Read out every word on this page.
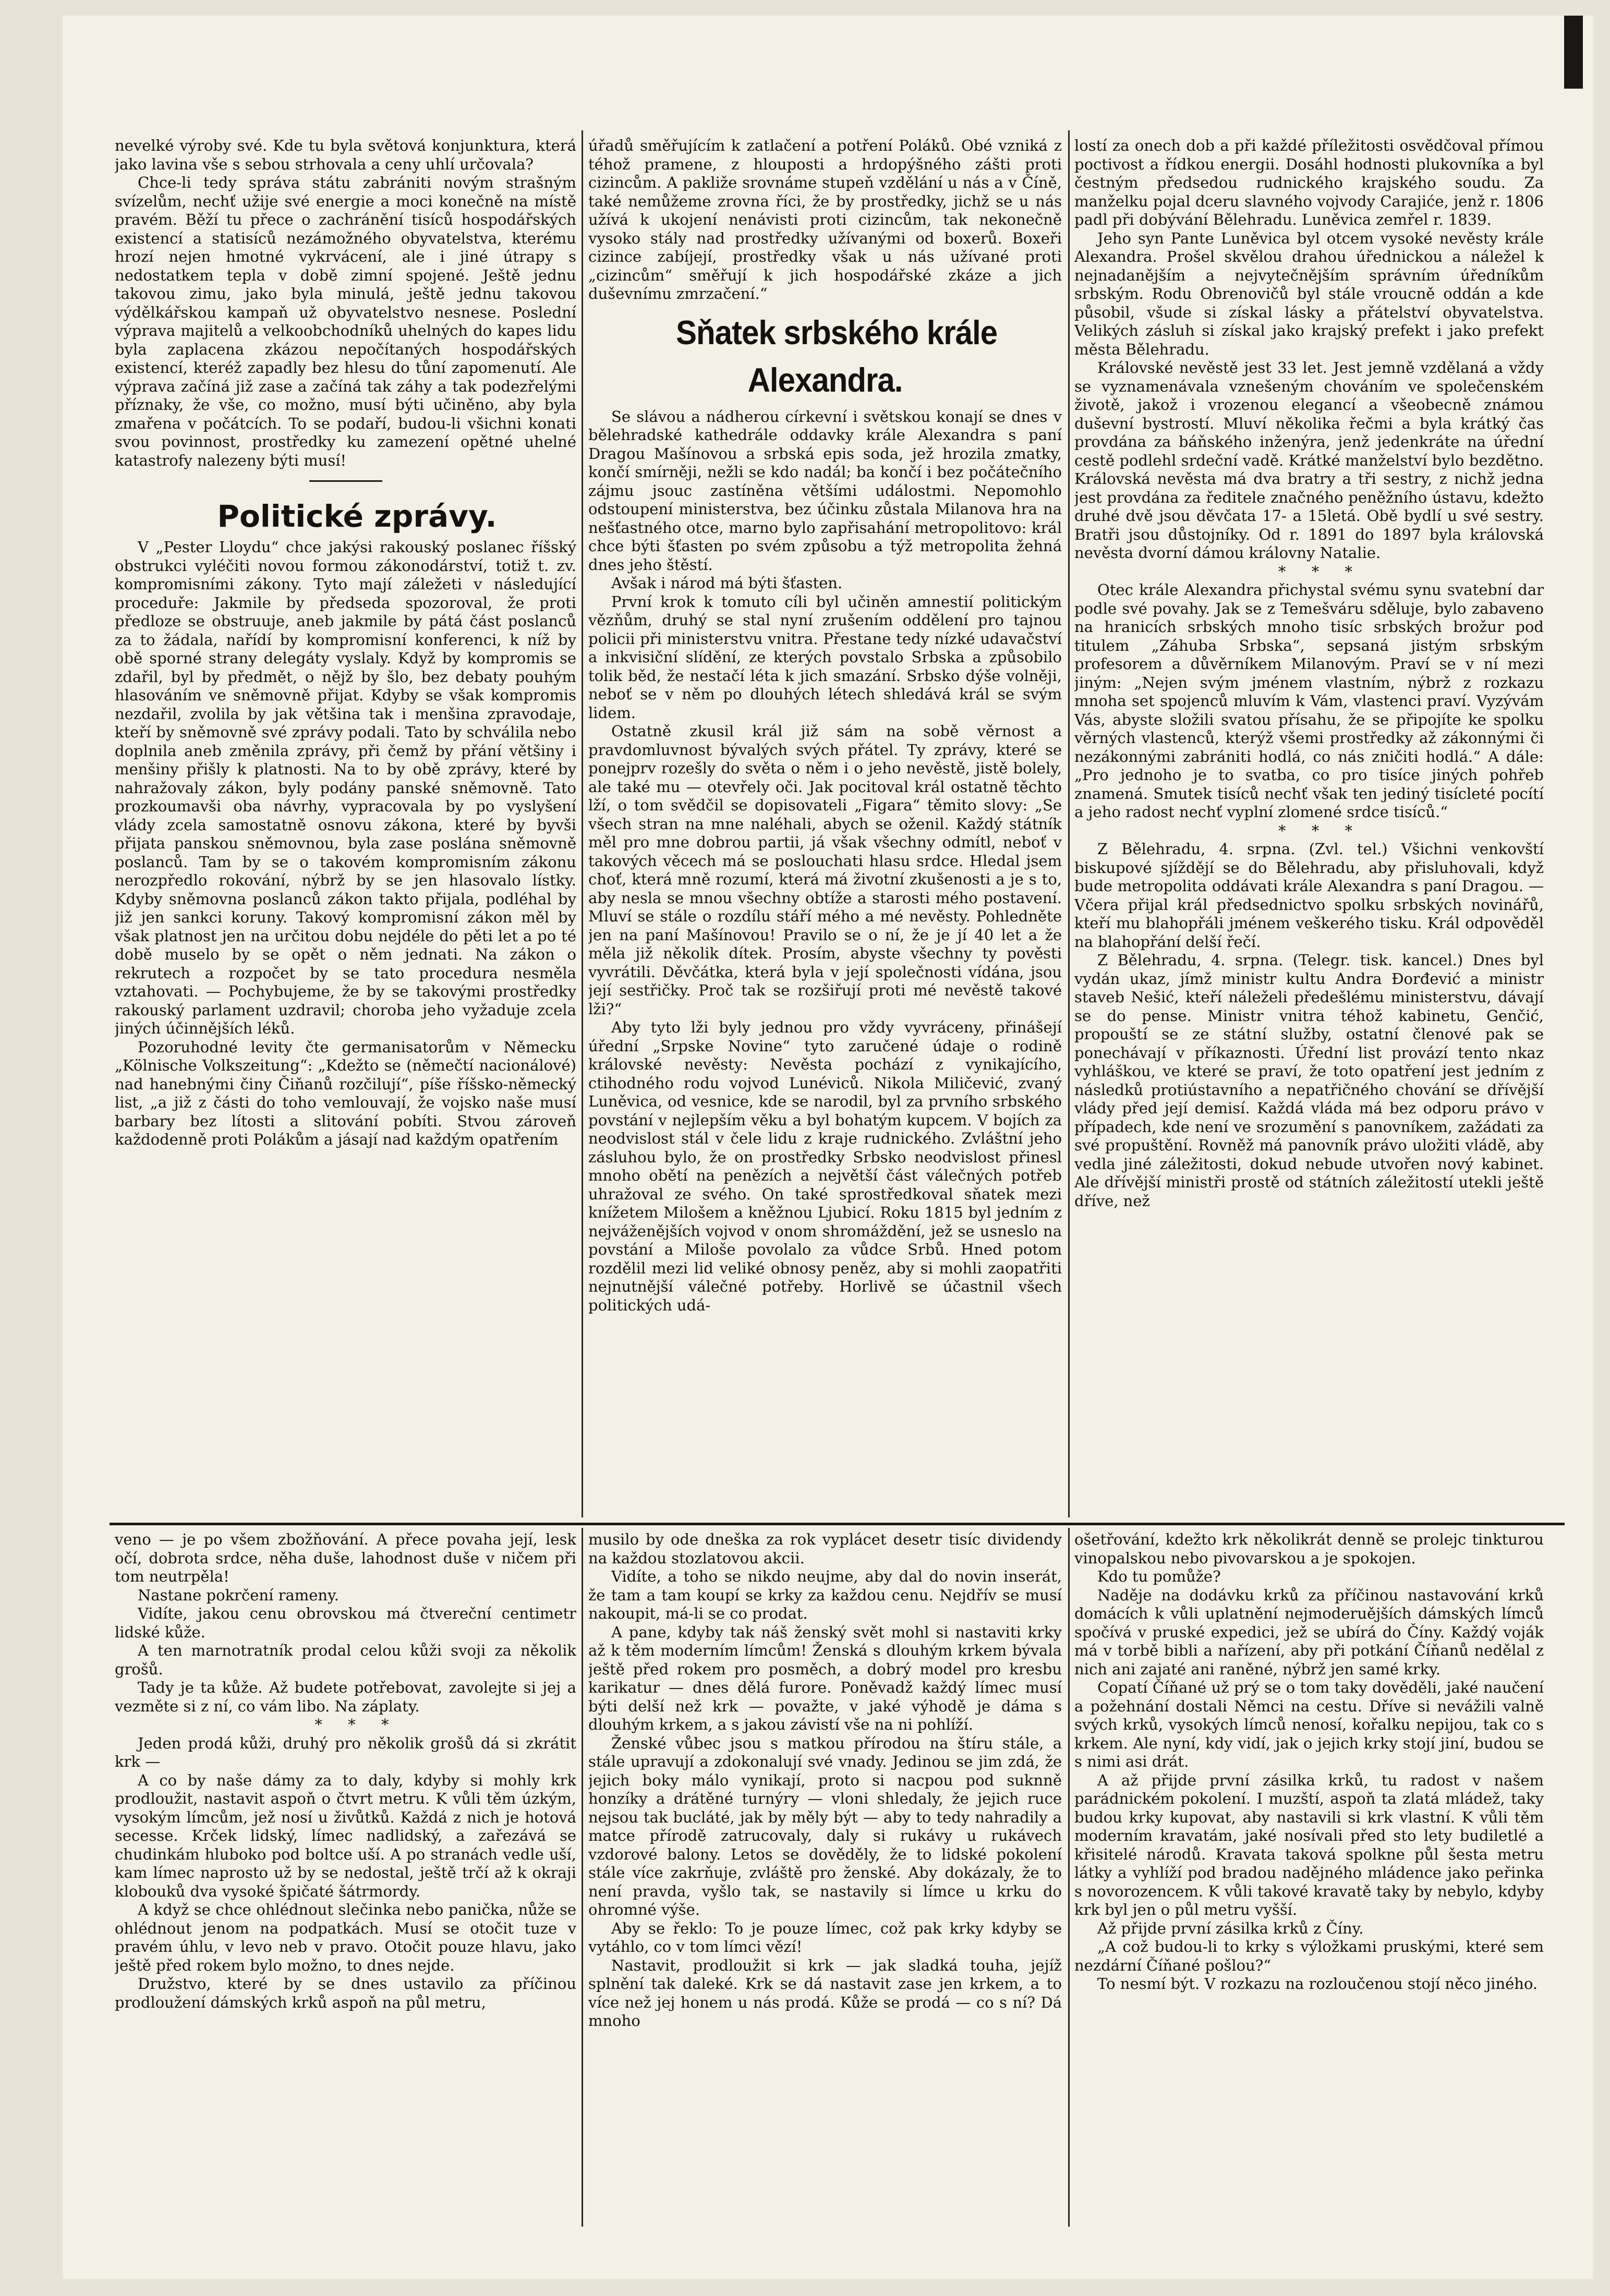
nevelké výroby své. Kde tu byla světová konjunktura, která jako lavina vše s sebou strhovala a ceny uhlí určovala?

Chce-li tedy správa státu zabrániti novým strašným svízelům, nechť užije své energie a moci konečně na místě pravém. Běží tu přece o zachránění tisíců hospodářských existencí a statisíců nezámožného obyvatelstva, kterému hrozí nejen hmotné vykrvácení, ale i jiné útrapy s nedostatkem tepla v době zimní spojené. Ještě jednu takovou zimu, jako byla minulá, ještě jednu takovou výdělkářskou kampaň už obyvatelstvo nesnese. Poslední výprava majitelů a velkoobchodníků uhelných do kapes lidu byla zaplacena zkázou nepočítaných hospodářských existencí, kteréž zapadly bez hlesu do tůní zapomenutí. Ale výprava začíná již zase a začíná tak záhy a tak podezřelými příznaky, že vše, co možno, musí býti učiněno, aby byla zmařena v počátcích. To se podaří, budou-li všichni konati svou povinnost, prostředky ku zamezení opětné uhelné katastrofy nalezeny býti musí!

Politické zprávy.

V „Pester Lloydu“ chce jakýsi rakouský poslanec říšský obstrukci vyléčiti novou formou zákonodárství, totiž t. zv. kompromisními zákony. Tyto mají záležeti v následující proceduře: Jakmile by předseda spozoroval, že proti předloze se obstruuje, aneb jakmile by pátá část poslanců za to žádala, nařídí by kompromisní konferenci, k níž by obě sporné strany delegáty vyslaly. Když by kompromis se zdařil, byl by předmět, o nějž by šlo, bez debaty pouhým hlasováním ve sněmovně přijat. Kdyby se však kompromis nezdařil, zvolila by jak většina tak i menšina zpravodaje, kteří by sněmovně své zprávy podali. Tato by schválila nebo doplnila aneb změnila zprávy, při čemž by přání většiny i menšiny přišly k platnosti. Na to by obě zprávy, které by nahražovaly zákon, byly podány panské sněmovně. Tato prozkoumavši oba návrhy, vypracovala by po vyslyšení vlády zcela samostatně osnovu zákona, které by byvši přijata panskou sněmovnou, byla zase poslána sněmovně poslanců. Tam by se o takovém kompromisním zákonu nerozpředlo rokování, nýbrž by se jen hlasovalo lístky. Kdyby sněmovna poslanců zákon takto přijala, podléhal by již jen sankci koruny. Takový kompromisní zákon měl by však platnost jen na určitou dobu nejdéle do pěti let a po té době muselo by se opět o něm jednati. Na zákon o rekrutech a rozpočet by se tato procedura nesměla vztahovati. — Pochybujeme, že by se takovými prostředky rakouský parlament uzdravil; choroba jeho vyžaduje zcela jiných účinnějších léků.

Pozoruhodné levity čte germanisatorům v Německu „Kölnische Volkszeitung“: „Kdežto se (němečtí nacionálové) nad hanebnými činy Čiňanů rozčilují“, píše říšsko-německý list, „a již z části do toho vemlouvají, že vojsko naše musí barbary bez lítosti a slitování pobíti. Stvou zároveň každodenně proti Polákům a jásají nad každým opatřením

úřadů směřujícím k zatlačení a potření Poláků. Obé vzniká z téhož pramene, z hlouposti a hrdopýšného zášti proti cizincům. A pakliže srovnáme stupeň vzdělání u nás a v Číně, také nemůžeme zrovna říci, že by prostředky, jichž se u nás užívá k ukojení nenávisti proti cizincům, tak nekonečně vysoko stály nad prostředky užívanými od boxerů. Boxeři cizince zabíjejí, prostředky však u nás užívané proti „cizincům“ směřují k jich hospodářské zkáze a jich duševnímu zmrzačení.“

Sňatek srbského krále Alexandra.

Se slávou a nádherou církevní i světskou konají se dnes v bělehradské kathedrále oddavky krále Alexandra s paní Dragou Mašínovou a srbská epis soda, jež hrozila zmatky, končí smírněji, nežli se kdo nadál; ba končí i bez počátečního zájmu jsouc zastíněna většími událostmi. Nepomohlo odstoupení ministerstva, bez účinku zůstala Milanova hra na nešťastného otce, marno bylo zapřisahání metropolitovo: král chce býti šťasten po svém způsobu a týž metropolita žehná dnes jeho štěstí.

Avšak i národ má býti šťasten.

První krok k tomuto cíli byl učiněn amnestií politickým vězňům, druhý se stal nyní zrušením oddělení pro tajnou policii při ministerstvu vnitra. Přestane tedy nízké udavačství a inkvisiční slídění, ze kterých povstalo Srbska a způsobilo tolik běd, že nestačí léta k jich smazání. Srbsko dýše volněji, neboť se v něm po dlouhých létech shledává král se svým lidem.

Ostatně zkusil král již sám na sobě věrnost a pravdomluvnost bývalých svých přátel. Ty zprávy, které se ponejprv rozešly do světa o něm i o jeho nevěstě, jistě bolely, ale také mu — otevřely oči. Jak pocitoval král ostatně těchto lží, o tom svědčil se dopisovateli „Figara“ těmito slovy: „Se všech stran na mne naléhali, abych se oženil. Každý státník měl pro mne dobrou partii, já však všechny odmítl, neboť v takových věcech má se poslouchati hlasu srdce. Hledal jsem choť, která mně rozumí, která má životní zkušenosti a je s to, aby nesla se mnou všechny obtíže a starosti mého postavení. Mluví se stále o rozdílu stáří mého a mé nevěsty. Pohledněte jen na paní Mašínovou! Pravilo se o ní, že je jí 40 let a že měla již několik dítek. Prosím, abyste všechny ty pověsti vyvrátili. Děvčátka, která byla v její společnosti vídána, jsou její sestřičky. Proč tak se rozšiřují proti mé nevěstě takové lži?“

Aby tyto lži byly jednou pro vždy vyvráceny, přinášejí úřední „Srpske Novine“ tyto zaručené údaje o rodině královské nevěsty: Nevěsta pochází z vynikajícího, ctihodného rodu vojvod Lunéviců. Nikola Miličević, zvaný Luněvica, od vesnice, kde se narodil, byl za prvního srbského povstání v nejlepším věku a byl bohatým kupcem. V bojích za neodvislost stál v čele lidu z kraje rudnického. Zvláštní jeho zásluhou bylo, že on prostředky Srbsko neodvislost přinesl mnoho obětí na penězích a největší část válečných potřeb uhražoval ze svého. On také sprostředkoval sňatek mezi knížetem Milošem a kněžnou Ljubicí. Roku 1815 byl jedním z nejváženějších vojvod v onom shromáždění, jež se usneslo na povstání a Miloše povolalo za vůdce Srbů. Hned potom rozdělil mezi lid veliké obnosy peněz, aby si mohli zaopatřiti nejnutnější válečné potřeby. Horlivě se účastnil všech politických udá-

lostí za onech dob a při každé příležitosti osvědčoval přímou poctivost a řídkou energii. Dosáhl hodnosti plukovníka a byl čestným předsedou rudnického krajského soudu. Za manželku pojal dceru slavného vojvody Carajiće, jenž r. 1806 padl při dobývání Bělehradu. Luněvica zemřel r. 1839.

Jeho syn Pante Luněvica byl otcem vysoké nevěsty krále Alexandra. Prošel skvělou drahou úřednickou a náležel k nejnadanějším a nejvytečnějším správním úředníkům srbským. Rodu Obrenovičů byl stále vroucně oddán a kde působil, všude si získal lásky a přátelství obyvatelstva. Velikých zásluh si získal jako krajský prefekt i jako prefekt města Bělehradu.

Královské nevěstě jest 33 let. Jest jemně vzdělaná a vždy se vyznamenávala vznešeným chováním ve společenském životě, jakož i vrozenou elegancí a všeobecně známou duševní bystrostí. Mluví několika řečmi a byla krátký čas provdána za báňského inženýra, jenž jedenkráte na úřední cestě podlehl srdeční vadě. Krátké manželství bylo bezdětno. Královská nevěsta má dva bratry a tři sestry, z nichž jedna jest provdána za ředitele značného peněžního ústavu, kdežto druhé dvě jsou děvčata 17- a 15letá. Obě bydlí u své sestry. Bratři jsou důstojníky. Od r. 1891 do 1897 byla královská nevěsta dvorní dámou královny Natalie.

* * *

Otec krále Alexandra přichystal svému synu svatební dar podle své povahy. Jak se z Temešváru sděluje, bylo zabaveno na hranicích srbských mnoho tisíc srbských brožur pod titulem „Záhuba Srbska“, sepsaná jistým srbským profesorem a důvěrníkem Milanovým. Praví se v ní mezi jiným: „Nejen svým jménem vlastním, nýbrž z rozkazu mnoha set spojenců mluvím k Vám, vlastenci praví. Vyzývám Vás, abyste složili svatou přísahu, že se připojíte ke spolku věrných vlastenců, kterýž všemi prostředky až zákonnými či nezákonnými zabrániti hodlá, co nás zničiti hodlá.“ A dále: „Pro jednoho je to svatba, co pro tisíce jiných pohřeb znamená. Smutek tisíců nechť však ten jediný tisícleté pocítí a jeho radost nechť vyplní zlomené srdce tisíců.“

* * *

Z Bělehradu, 4. srpna. (Zvl. tel.) Všichni venkovští biskupové sjíždějí se do Bělehradu, aby přisluhovali, když bude metropolita oddávati krále Alexandra s paní Dragou. — Včera přijal král předsednictvo spolku srbských novinářů, kteří mu blahopřáli jménem veškerého tisku. Král odpověděl na blahopřání delší řečí.

Z Bělehradu, 4. srpna. (Telegr. tisk. kancel.) Dnes byl vydán ukaz, jímž ministr kultu Andra Đorđević a ministr staveb Nešić, kteří náleželi předešlému ministerstvu, dávají se do pense. Ministr vnitra téhož kabinetu, Genčić, propouští se ze státní služby, ostatní členové pak se ponechávají v příkaznosti. Úřední list provází tento nkaz vyhláškou, ve které se praví, že toto opatření jest jedním z následků protiústavního a nepatřičného chování se dřívější vlády před její demisí. Každá vláda má bez odporu právo v případech, kde není ve srozumění s panovníkem, zažádati za své propuštění. Rovněž má panovník právo uložiti vládě, aby vedla jiné záležitosti, dokud nebude utvořen nový kabinet. Ale dřívější ministři prostě od státních záležitostí utekli ještě dříve, než

veno — je po všem zbožňování. A přece povaha její, lesk očí, dobrota srdce, něha duše, lahodnost duše v ničem při tom neutrpěla!

Nastane pokrčení rameny.

Vidíte, jakou cenu obrovskou má čtvereční centimetr lidské kůže.

A ten marnotratník prodal celou kůži svoji za několik grošů.

Tady je ta kůže. Až budete potřebovat, zavolejte si jej a vezměte si z ní, co vám libo. Na záplaty.

* * *

Jeden prodá kůži, druhý pro několik grošů dá si zkrátit krk —

A co by naše dámy za to daly, kdyby si mohly krk prodloužit, nastavit aspoň o čtvrt metru. K vůli těm úzkým, vysokým límcům, jež nosí u živůtků. Každá z nich je hotová secesse. Krček lidský, límec nadlidský, a zařezává se chudinkám hluboko pod boltce uší. A po stranách vedle uší, kam límec naprosto už by se nedostal, ještě trčí až k okraji klobouků dva vysoké špičaté šátrmordy.

A když se chce ohlédnout slečinka nebo panička, nůže se ohlédnout jenom na podpatkách. Musí se otočit tuze v pravém úhlu, v levo neb v pravo. Otočit pouze hlavu, jako ještě před rokem bylo možno, to dnes nejde.

Družstvo, které by se dnes ustavilo za příčinou prodloužení dámských krků aspoň na půl metru,

musilo by ode dneška za rok vyplácet desetr tisíc dividendy na každou stozlatovou akcii.

Vidíte, a toho se nikdo neujme, aby dal do novin inserát, že tam a tam koupí se krky za každou cenu. Nejdřív se musí nakoupit, má-li se co prodat.

A pane, kdyby tak náš ženský svět mohl si nastaviti krky až k těm moderním límcům! Ženská s dlouhým krkem bývala ještě před rokem pro posměch, a dobrý model pro kresbu karikatur — dnes dělá furore. Poněvadž každý límec musí býti delší než krk — považte, v jaké výhodě je dáma s dlouhým krkem, a s jakou závistí vše na ni pohlíží.

Ženské vůbec jsou s matkou přírodou na štíru stále, a stále upravují a zdokonalují své vnady. Jedinou se jim zdá, že jejich boky málo vynikají, proto si nacpou pod suknně honzíky a drátěné turnýry — vloni shledaly, že jejich ruce nejsou tak bucláté, jak by měly být — aby to tedy nahradily a matce přírodě zatrucovaly, daly si rukávy u rukávech vzdorové balony. Letos se dověděly, že to lidské pokolení stále více zakrňuje, zvláště pro ženské. Aby dokázaly, že to není pravda, vyšlo tak, se nastavily si límce u krku do ohromné výše.

Aby se řeklo: To je pouze límec, což pak krky kdyby se vytáhlo, co v tom límci vězí!

Nastavit, prodloužit si krk — jak sladká touha, jejíž splnění tak daleké. Krk se dá nastavit zase jen krkem, a to více než jej honem u nás prodá. Kůže se prodá — co s ní? Dá mnoho

ošetřování, kdežto krk několikrát denně se prolejc tinkturou vinopalskou nebo pivovarskou a je spokojen.

Kdo tu pomůže?

Naděje na dodávku krků za příčinou nastavování krků domácích k vůli uplatnění nejmoderuějších dámských límců spočívá v pruské expedici, jež se ubírá do Číny. Každý voják má v torbě bibli a nařízení, aby při potkání Číňanů nedělal z nich ani zajaté ani raněné, nýbrž jen samé krky.

Copatí Číňané už prý se o tom taky dověděli, jaké naučení a požehnání dostali Němci na cestu. Dříve si nevážili valně svých krků, vysokých límců nenosí, kořalku nepijou, tak co s krkem. Ale nyní, kdy vidí, jak o jejich krky stojí jiní, budou se s nimi asi drát.

A až přijde první zásilka krků, tu radost v našem parádnickém pokolení. I muzští, aspoň ta zlatá mládež, taky budou krky kupovat, aby nastavili si krk vlastní. K vůli těm moderním kravatám, jaké nosívali před sto lety budiletlé a křisitelé národů. Kravata taková spolkne půl šesta metru látky a vyhlíží pod bradou nadějného mládence jako peřinka s novorozencem. K vůli takové kravatě taky by nebylo, kdyby krk byl jen o půl metru vyšší.

Až přijde první zásilka krků z Číny.

„A což budou-li to krky s výložkami pruskými, které sem nezdární Číňané pošlou?“

To nesmí být. V rozkazu na rozloučenou stojí něco jiného.
